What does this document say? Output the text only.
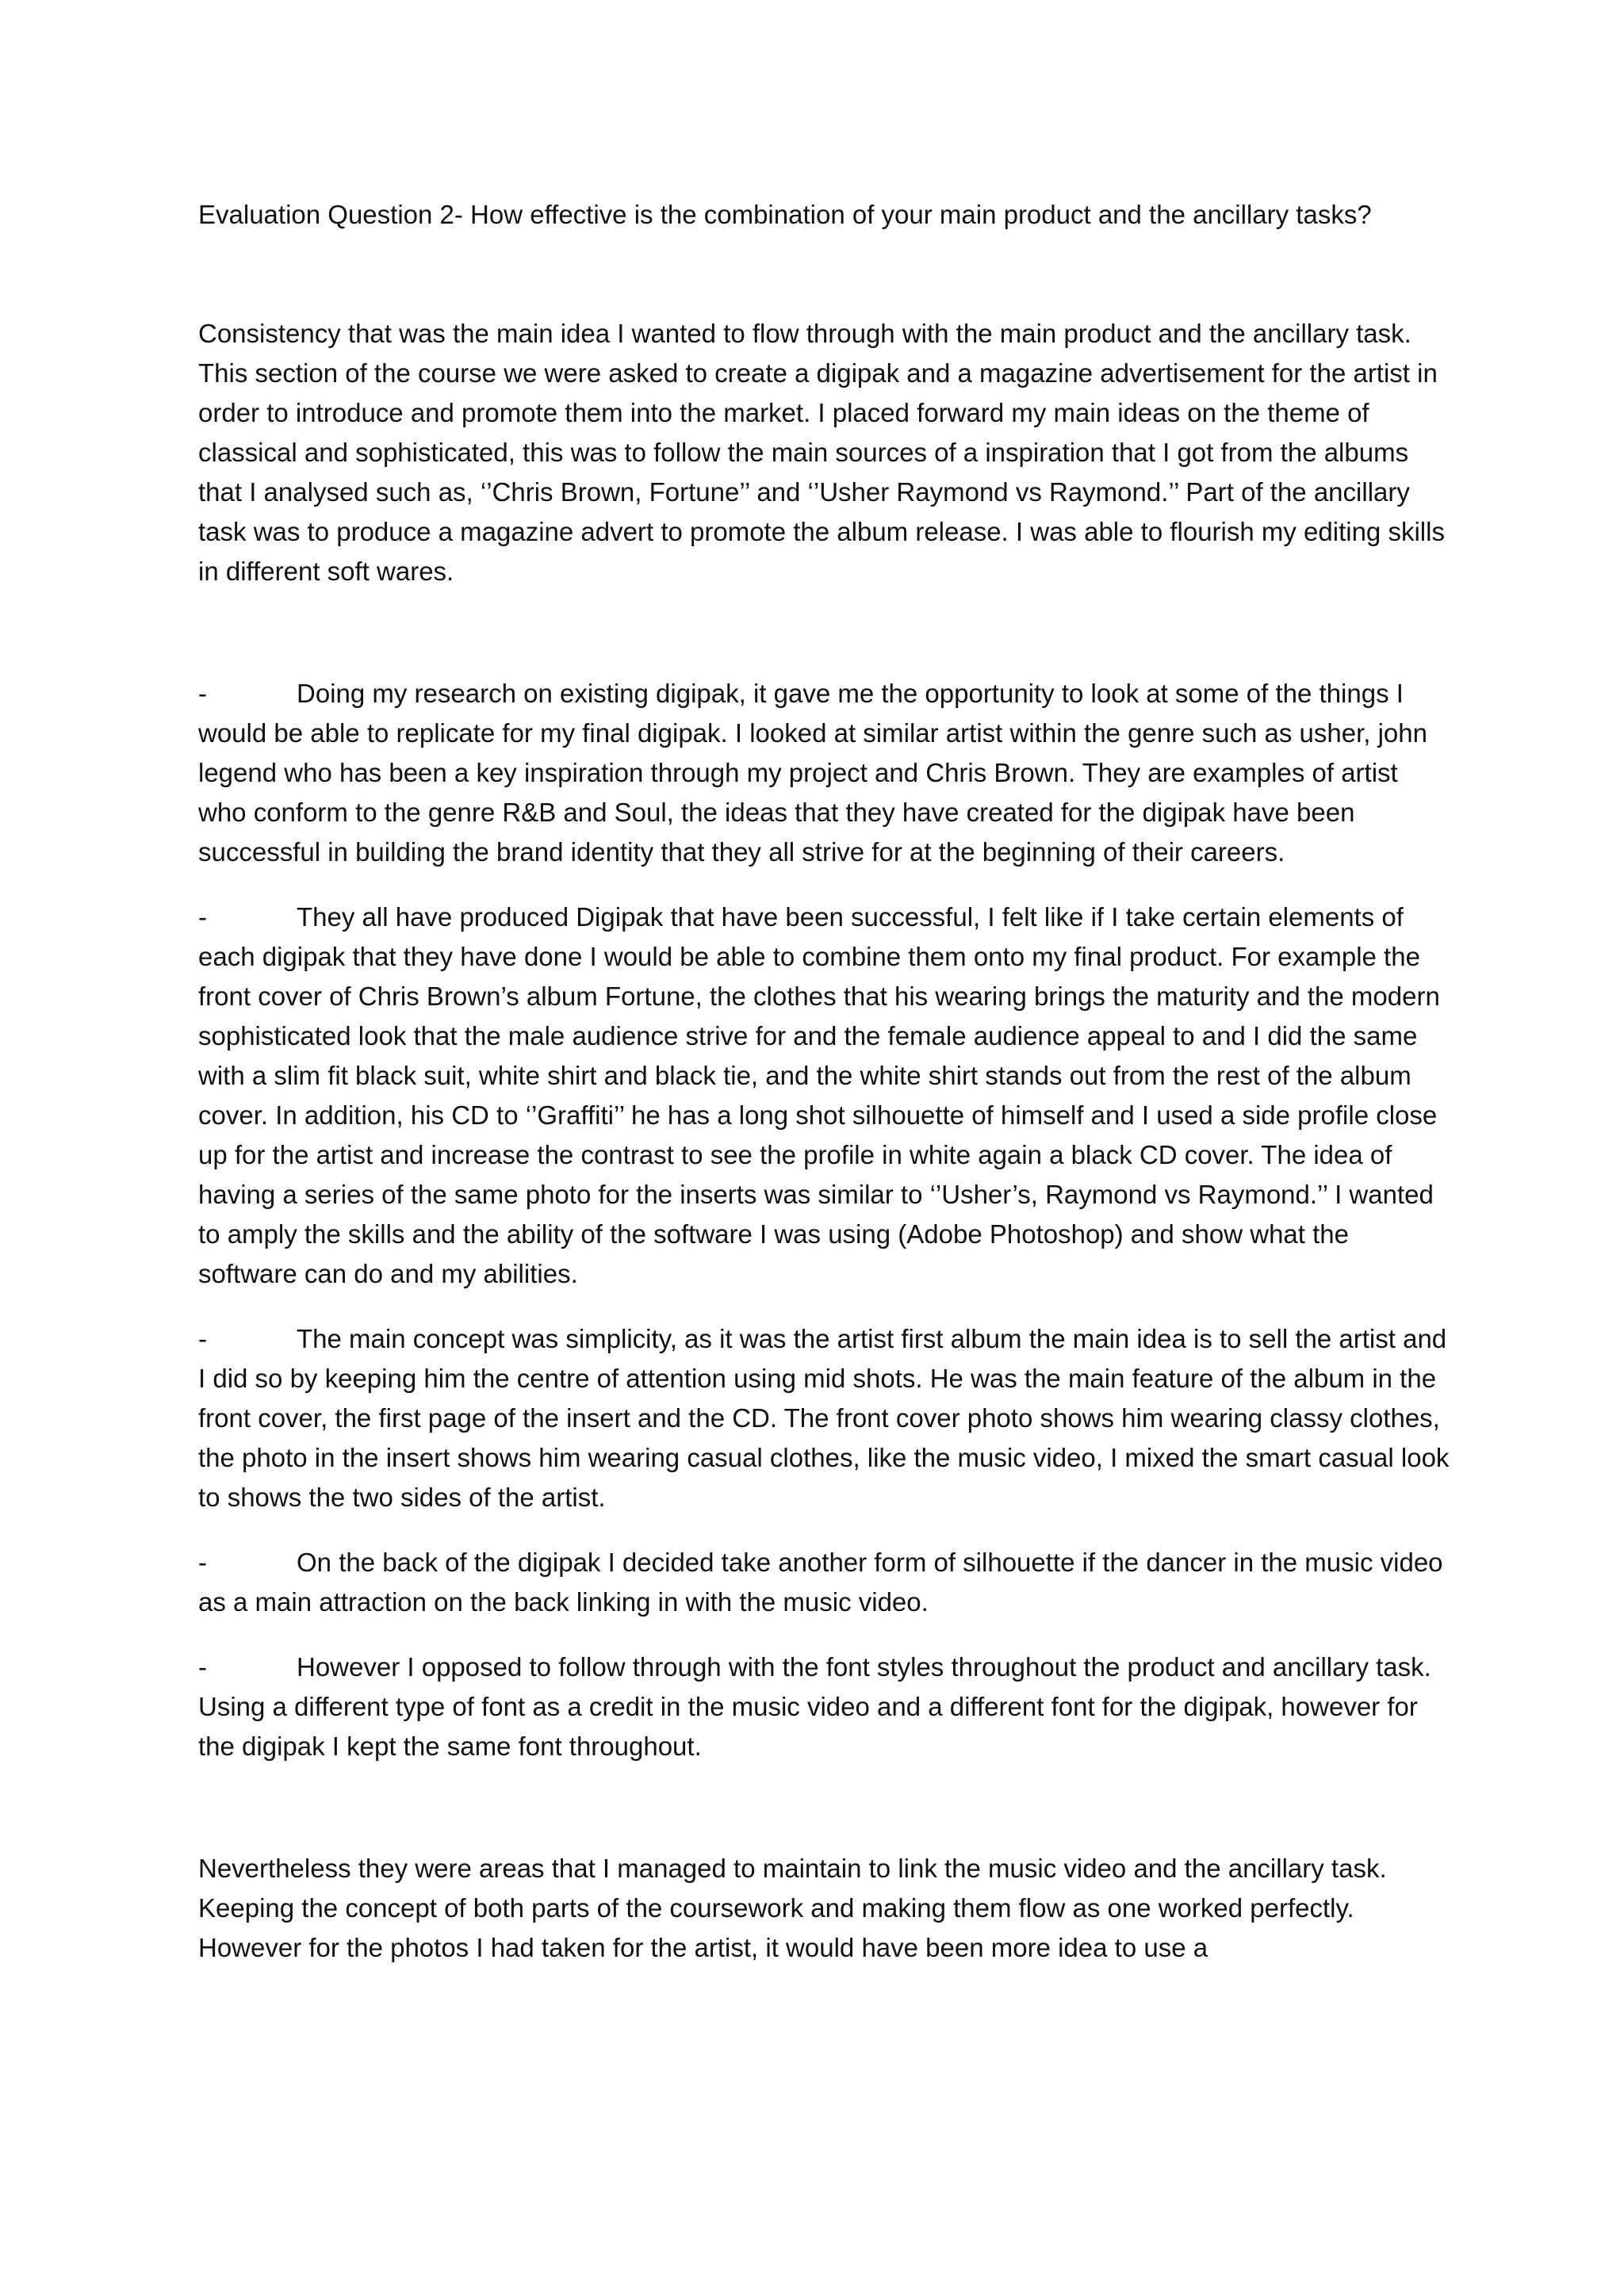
Evaluation Question 2- How effective is the combination of your main product and the ancillary tasks?

Consistency that was the main idea I wanted to flow through with the main product and the ancillary task. This section of the course we were asked to create a digipak and a magazine advertisement for the artist in order to introduce and promote them into the market. I placed forward my main ideas on the theme of classical and sophisticated, this was to follow the main sources of a inspiration that I got from the albums that I analysed such as, ‘’Chris Brown, Fortune’’ and ‘’Usher Raymond vs Raymond.’’ Part of the ancillary task was to produce a magazine advert to promote the album release. I was able to flourish my editing skills in different soft wares.

-	Doing my research on existing digipak, it gave me the opportunity to look at some of the things I would be able to replicate for my final digipak. I looked at similar artist within the genre such as usher, john legend who has been a key inspiration through my project and Chris Brown. They are examples of artist who conform to the genre R&B and Soul, the ideas that they have created for the digipak have been successful in building the brand identity that they all strive for at the beginning of their careers.

-	They all have produced Digipak that have been successful, I felt like if I take certain elements of each digipak that they have done I would be able to combine them onto my final product. For example the front cover of Chris Brown’s album Fortune, the clothes that his wearing brings the maturity and the modern sophisticated look that the male audience strive for and the female audience appeal to and I did the same with a slim fit black suit, white shirt and black tie, and the white shirt stands out from the rest of the album cover. In addition, his CD to ‘’Graffiti’’ he has a long shot silhouette of himself and I used a side profile close up for the artist and increase the contrast to see the profile in white again a black CD cover. The idea of having a series of the same photo for the inserts was similar to ‘’Usher’s, Raymond vs Raymond.’’ I wanted to amply the skills and the ability of the software I was using (Adobe Photoshop) and show what the software can do and my abilities.

-	The main concept was simplicity, as it was the artist first album the main idea is to sell the artist and I did so by keeping him the centre of attention using mid shots. He was the main feature of the album in the front cover, the first page of the insert and the CD. The front cover photo shows him wearing classy clothes, the photo in the insert shows him wearing casual clothes, like the music video, I mixed the smart casual look to shows the two sides of the artist.

-	On the back of the digipak I decided take another form of silhouette if the dancer in the music video as a main attraction on the back linking in with the music video.

-	However I opposed to follow through with the font styles throughout the product and ancillary task. Using a different type of font as a credit in the music video and a different font for the digipak, however for the digipak I kept the same font throughout.

Nevertheless they were areas that I managed to maintain to link the music video and the ancillary task. Keeping the concept of both parts of the coursework and making them flow as one worked perfectly. However for the photos I had taken for the artist, it would have been more idea to use a
